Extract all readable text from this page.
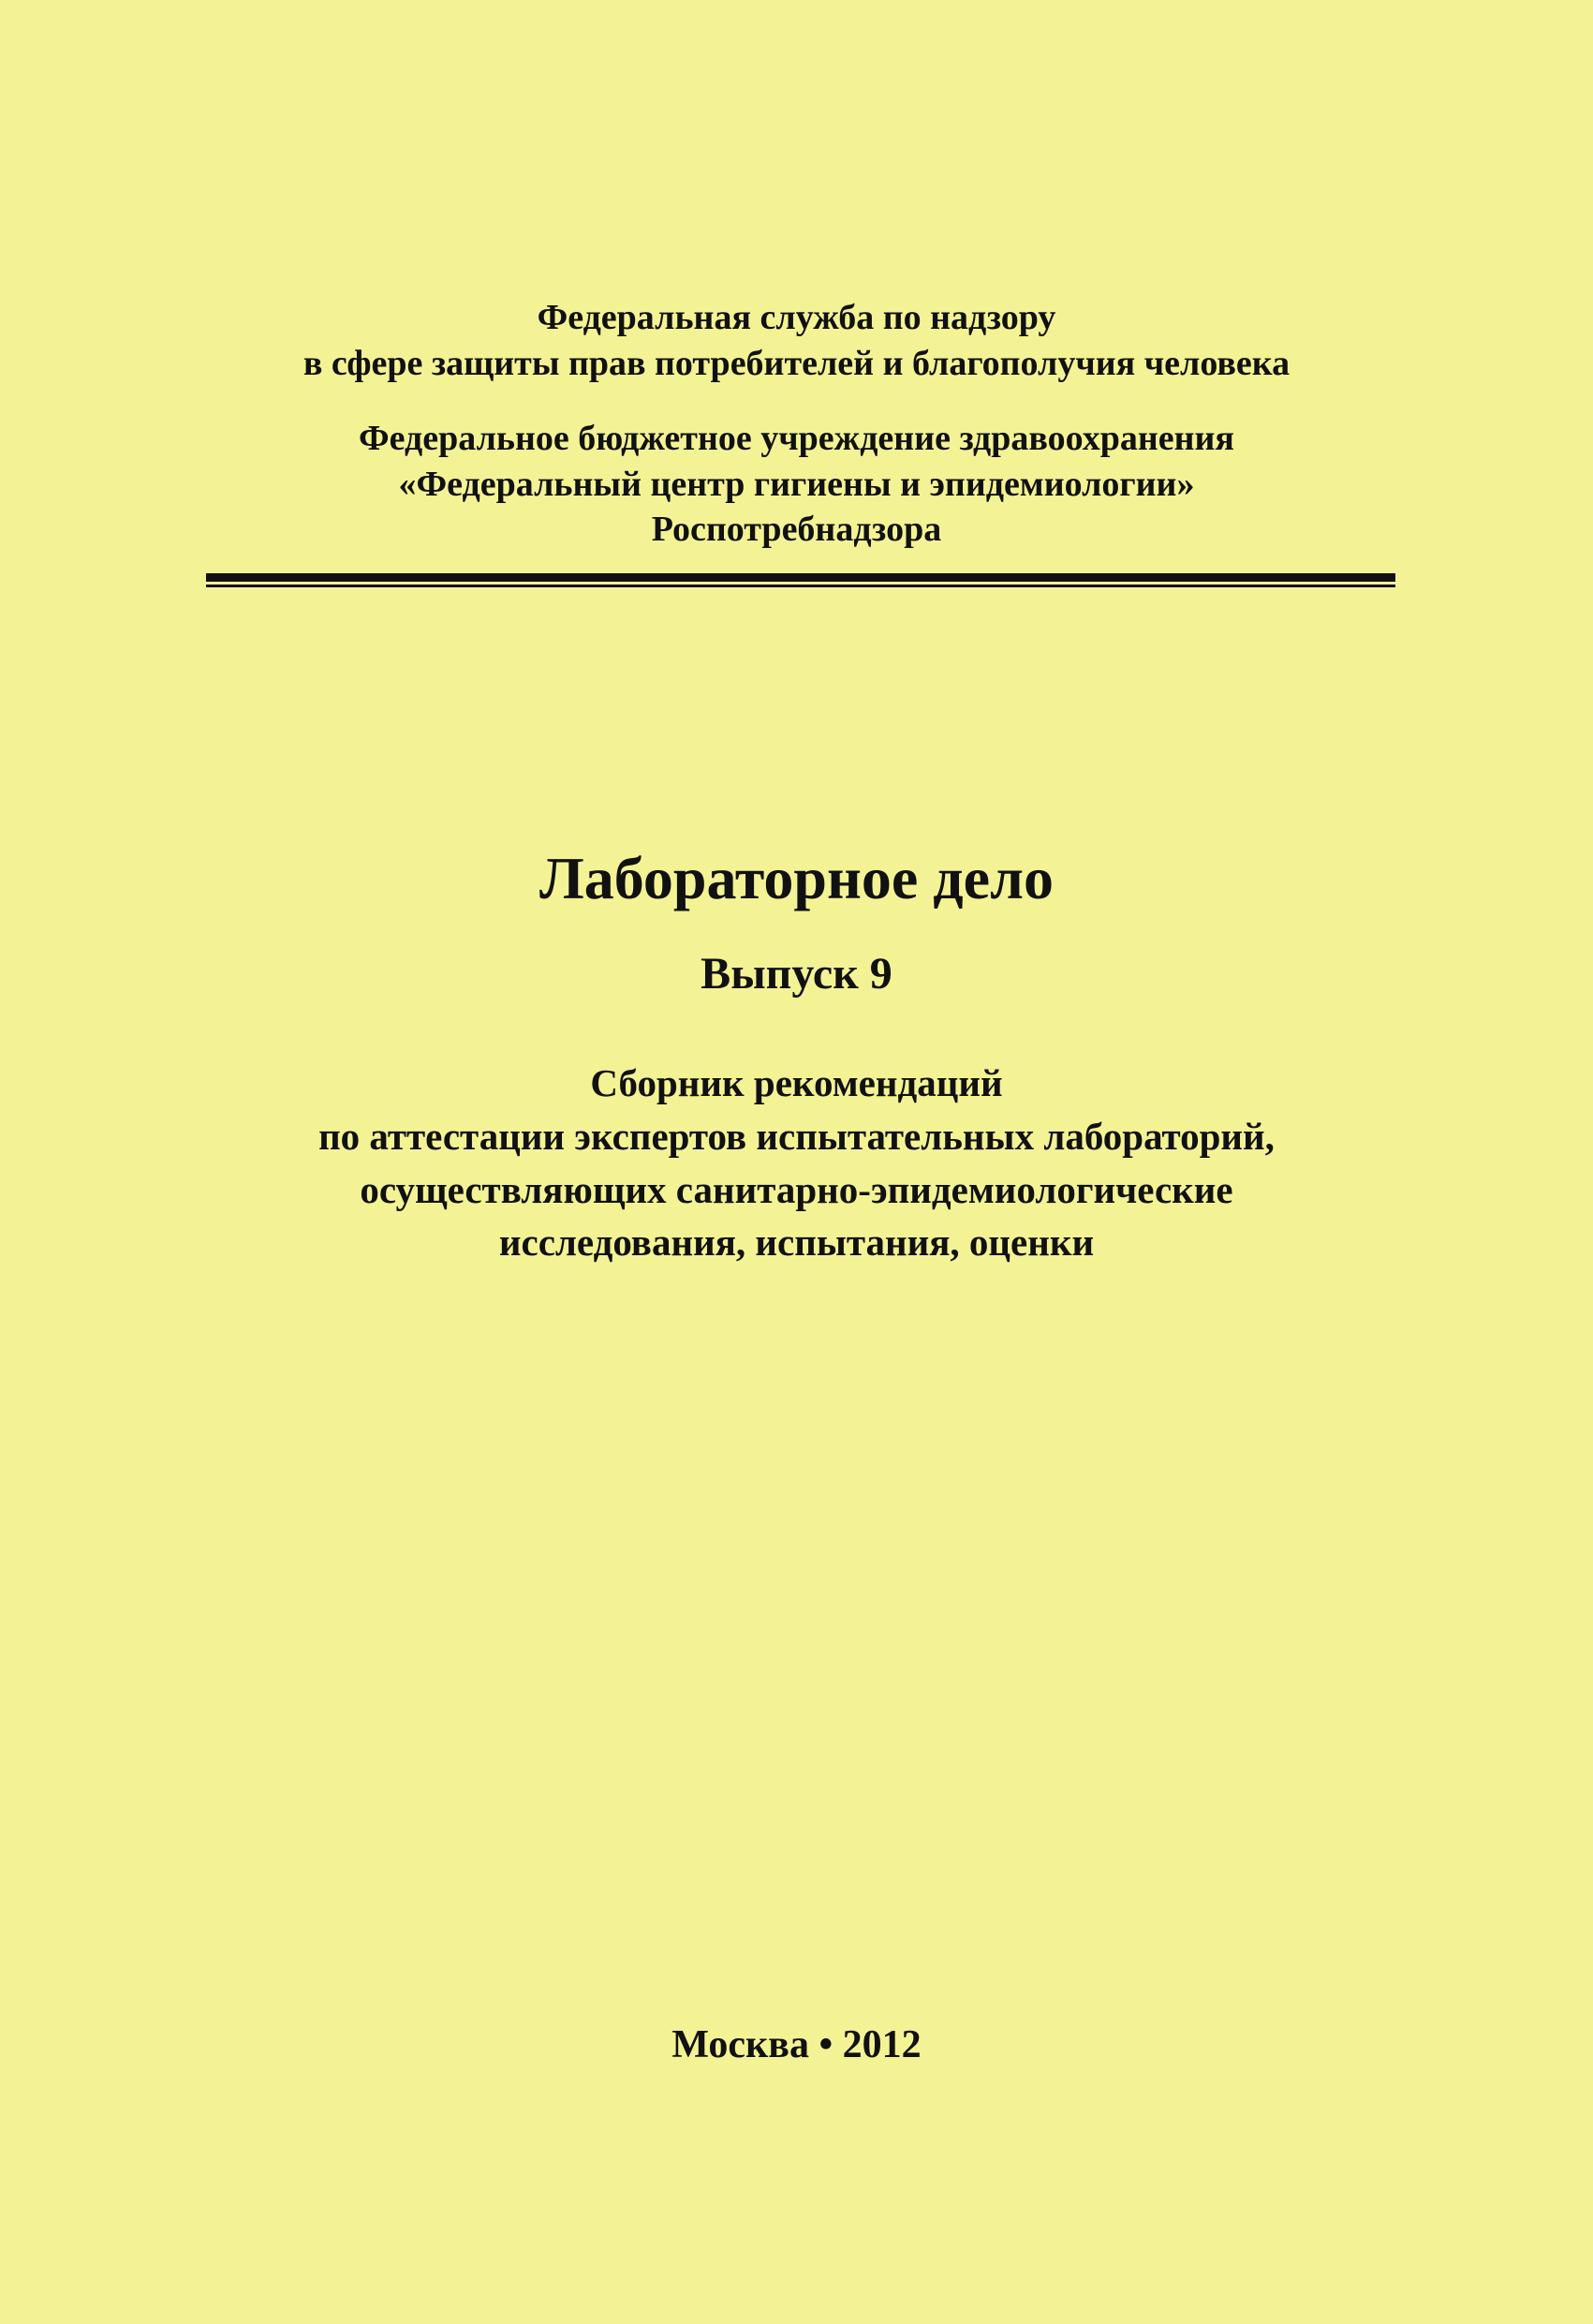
Федеральная служба по надзору
в сфере защиты прав потребителей и благополучия человека
Федеральное бюджетное учреждение здравоохранения
«Федеральный центр гигиены и эпидемиологии»
Роспотребнадзора
Лабораторное дело
Выпуск 9
Сборник рекомендаций
по аттестации экспертов испытательных лабораторий,
осуществляющих санитарно-эпидемиологические
исследования, испытания, оценки
Москва • 2012
